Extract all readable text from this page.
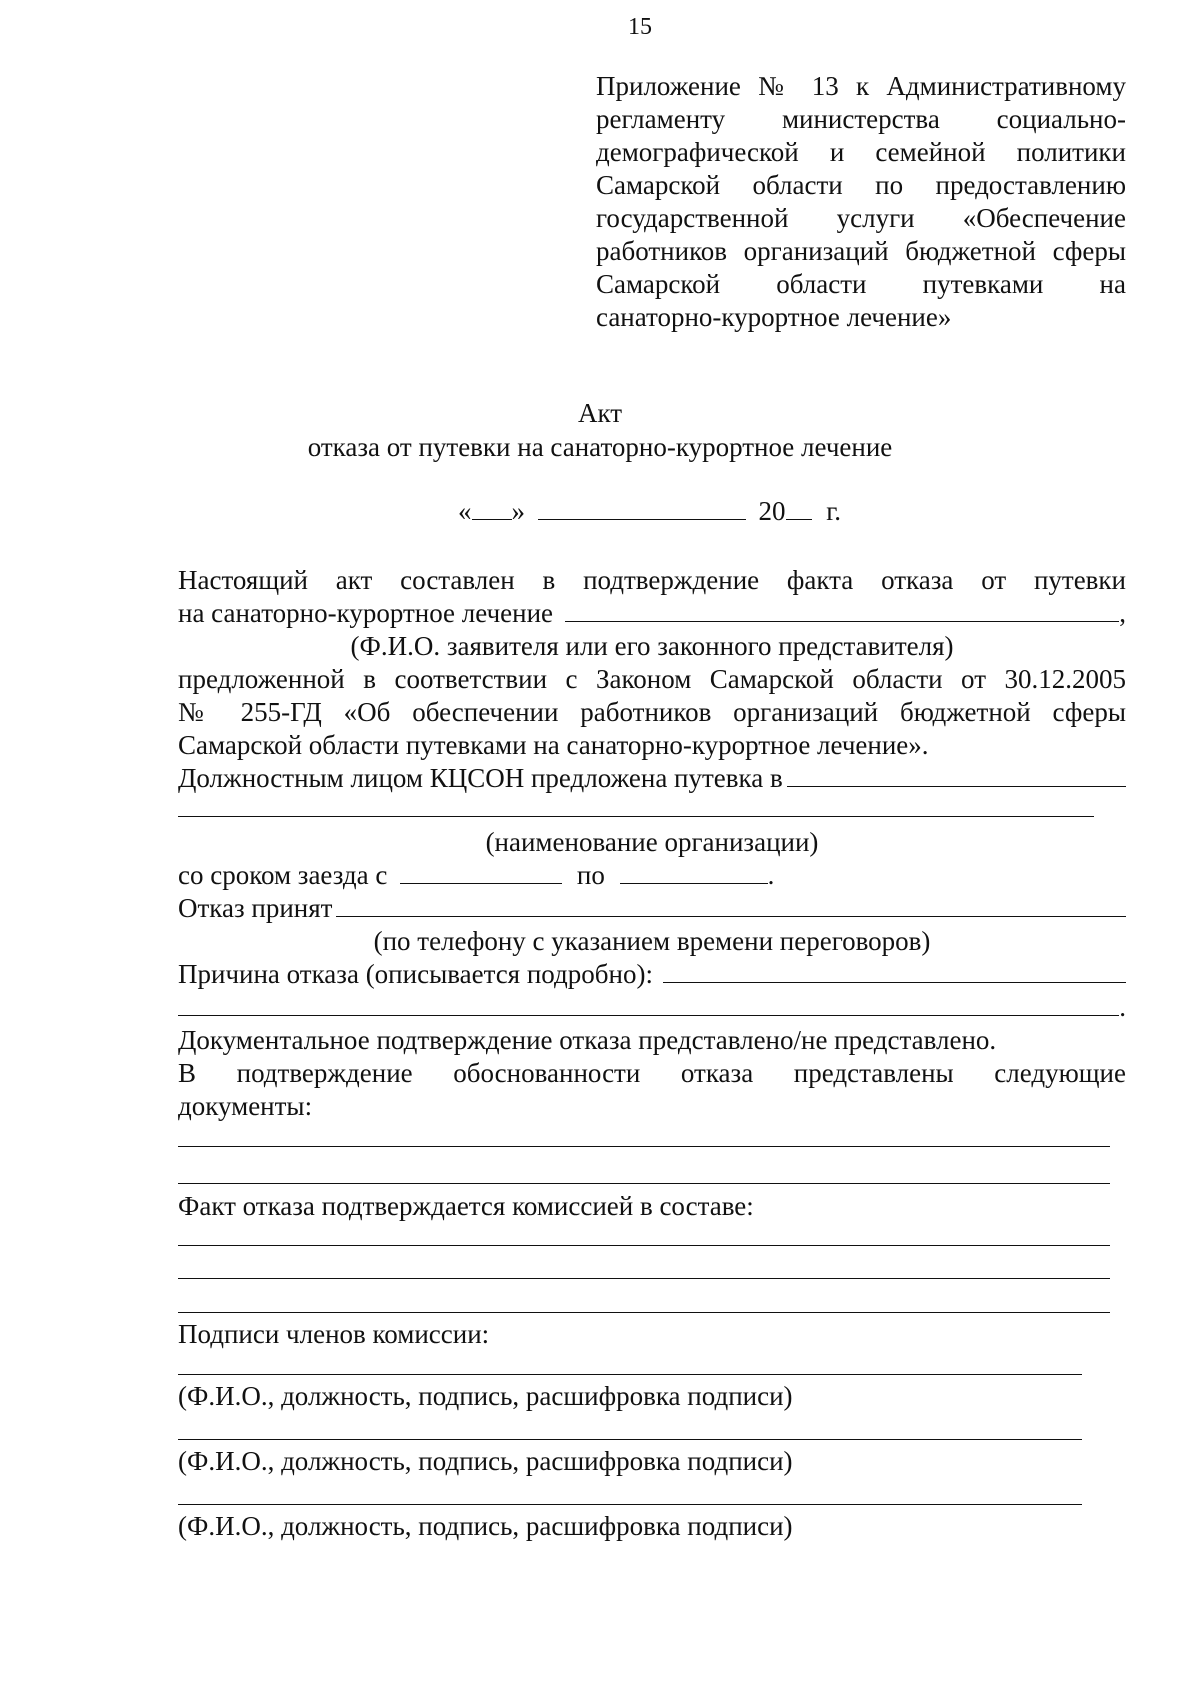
15
Приложение № 13 к Административному
регламенту министерства социально-
демографической и семейной политики
Самарской области по предоставлению
государственной услуги «Обеспечение
работников организаций бюджетной сферы
Самарской области путевками на
санаторно-курортное лечение»
Акт
отказа от путевки на санаторно-курортное лечение
« »	20 г.
Настоящий акт составлен в подтверждение факта отказа от путевки
на санаторно-курортное лечение	,
(Ф.И.О. заявителя или его законного представителя)
предложенной в соответствии с Законом Самарской области от 30.12.2005
№ 255-ГД «Об обеспечении работников организаций бюджетной сферы
Самарской области путевками на санаторно-курортное лечение».
Должностным лицом КЦСОН предложена путевка в
(наименование организации)
со сроком заезда с	по	.
Отказ принят
(по телефону с указанием времени переговоров)
Причина отказа (описывается подробно):
.
Документальное подтверждение отказа представлено/не представлено.
В подтверждение обоснованности отказа представлены следующие
документы:
Факт отказа подтверждается комиссией в составе:
Подписи членов комиссии:
(Ф.И.О., должность, подпись, расшифровка подписи)
(Ф.И.О., должность, подпись, расшифровка подписи)
(Ф.И.О., должность, подпись, расшифровка подписи)
